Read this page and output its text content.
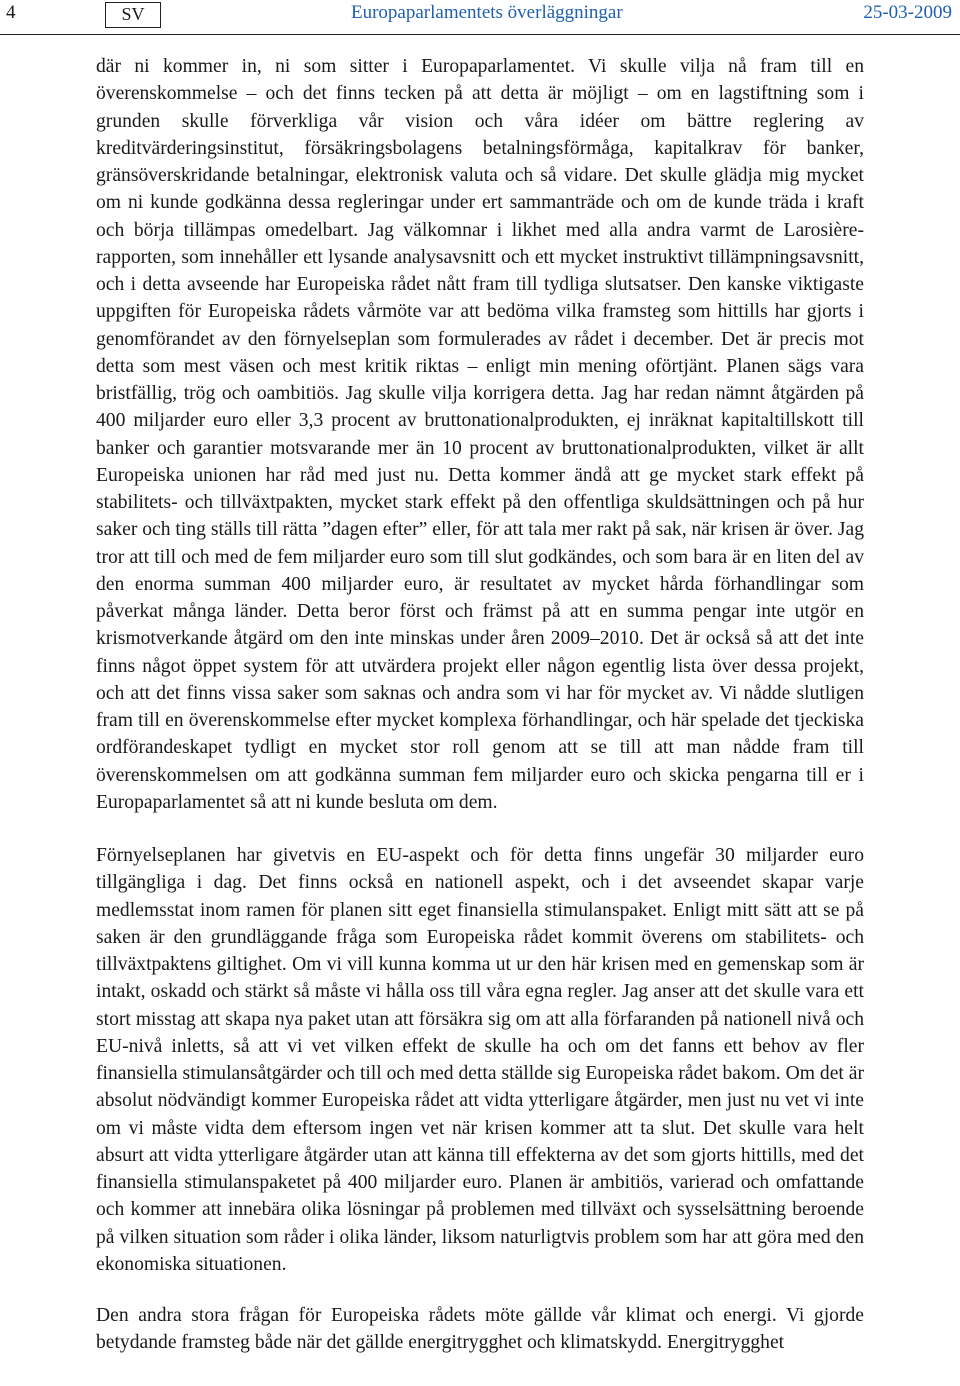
4	SV	Europaparlamentets överläggningar	25-03-2009

där ni kommer in, ni som sitter i Europaparlamentet. Vi skulle vilja nå fram till en överenskommelse – och det finns tecken på att detta är möjligt – om en lagstiftning som i grunden skulle förverkliga vår vision och våra idéer om bättre reglering av kreditvärderingsinstitut, försäkringsbolagens betalningsförmåga, kapitalkrav för banker, gränsöverskridande betalningar, elektronisk valuta och så vidare. Det skulle glädja mig mycket om ni kunde godkänna dessa regleringar under ert sammanträde och om de kunde träda i kraft och börja tillämpas omedelbart. Jag välkomnar i likhet med alla andra varmt de Larosière-rapporten, som innehåller ett lysande analysavsnitt och ett mycket instruktivt tillämpningsavsnitt, och i detta avseende har Europeiska rådet nått fram till tydliga slutsatser. Den kanske viktigaste uppgiften för Europeiska rådets vårmöte var att bedöma vilka framsteg som hittills har gjorts i genomförandet av den förnyelseplan som formulerades av rådet i december. Det är precis mot detta som mest väsen och mest kritik riktas – enligt min mening oförtjänt. Planen sägs vara bristfällig, trög och oambitiös. Jag skulle vilja korrigera detta. Jag har redan nämnt åtgärden på 400 miljarder euro eller 3,3 procent av bruttonationalprodukten, ej inräknat kapitaltillskott till banker och garantier motsvarande mer än 10 procent av bruttonationalprodukten, vilket är allt Europeiska unionen har råd med just nu. Detta kommer ändå att ge mycket stark effekt på stabilitets- och tillväxtpakten, mycket stark effekt på den offentliga skuldsättningen och på hur saker och ting ställs till rätta ”dagen efter” eller, för att tala mer rakt på sak, när krisen är över. Jag tror att till och med de fem miljarder euro som till slut godkändes, och som bara är en liten del av den enorma summan 400 miljarder euro, är resultatet av mycket hårda förhandlingar som påverkat många länder. Detta beror först och främst på att en summa pengar inte utgör en krismotverkande åtgärd om den inte minskas under åren 2009–2010. Det är också så att det inte finns något öppet system för att utvärdera projekt eller någon egentlig lista över dessa projekt, och att det finns vissa saker som saknas och andra som vi har för mycket av. Vi nådde slutligen fram till en överenskommelse efter mycket komplexa förhandlingar, och här spelade det tjeckiska ordförandeskapet tydligt en mycket stor roll genom att se till att man nådde fram till överenskommelsen om att godkänna summan fem miljarder euro och skicka pengarna till er i Europaparlamentet så att ni kunde besluta om dem.

Förnyelseplanen har givetvis en EU-aspekt och för detta finns ungefär 30 miljarder euro tillgängliga i dag. Det finns också en nationell aspekt, och i det avseendet skapar varje medlemsstat inom ramen för planen sitt eget finansiella stimulanspaket. Enligt mitt sätt att se på saken är den grundläggande fråga som Europeiska rådet kommit överens om stabilitets- och tillväxtpaktens giltighet. Om vi vill kunna komma ut ur den här krisen med en gemenskap som är intakt, oskadd och stärkt så måste vi hålla oss till våra egna regler. Jag anser att det skulle vara ett stort misstag att skapa nya paket utan att försäkra sig om att alla förfaranden på nationell nivå och EU-nivå inletts, så att vi vet vilken effekt de skulle ha och om det fanns ett behov av fler finansiella stimulansåtgärder och till och med detta ställde sig Europeiska rådet bakom. Om det är absolut nödvändigt kommer Europeiska rådet att vidta ytterligare åtgärder, men just nu vet vi inte om vi måste vidta dem eftersom ingen vet när krisen kommer att ta slut. Det skulle vara helt absurt att vidta ytterligare åtgärder utan att känna till effekterna av det som gjorts hittills, med det finansiella stimulanspaketet på 400 miljarder euro. Planen är ambitiös, varierad och omfattande och kommer att innebära olika lösningar på problemen med tillväxt och sysselsättning beroende på vilken situation som råder i olika länder, liksom naturligtvis problem som har att göra med den ekonomiska situationen.

Den andra stora frågan för Europeiska rådets möte gällde vår klimat och energi. Vi gjorde betydande framsteg både när det gällde energitrygghet och klimatskydd. Energitrygghet
